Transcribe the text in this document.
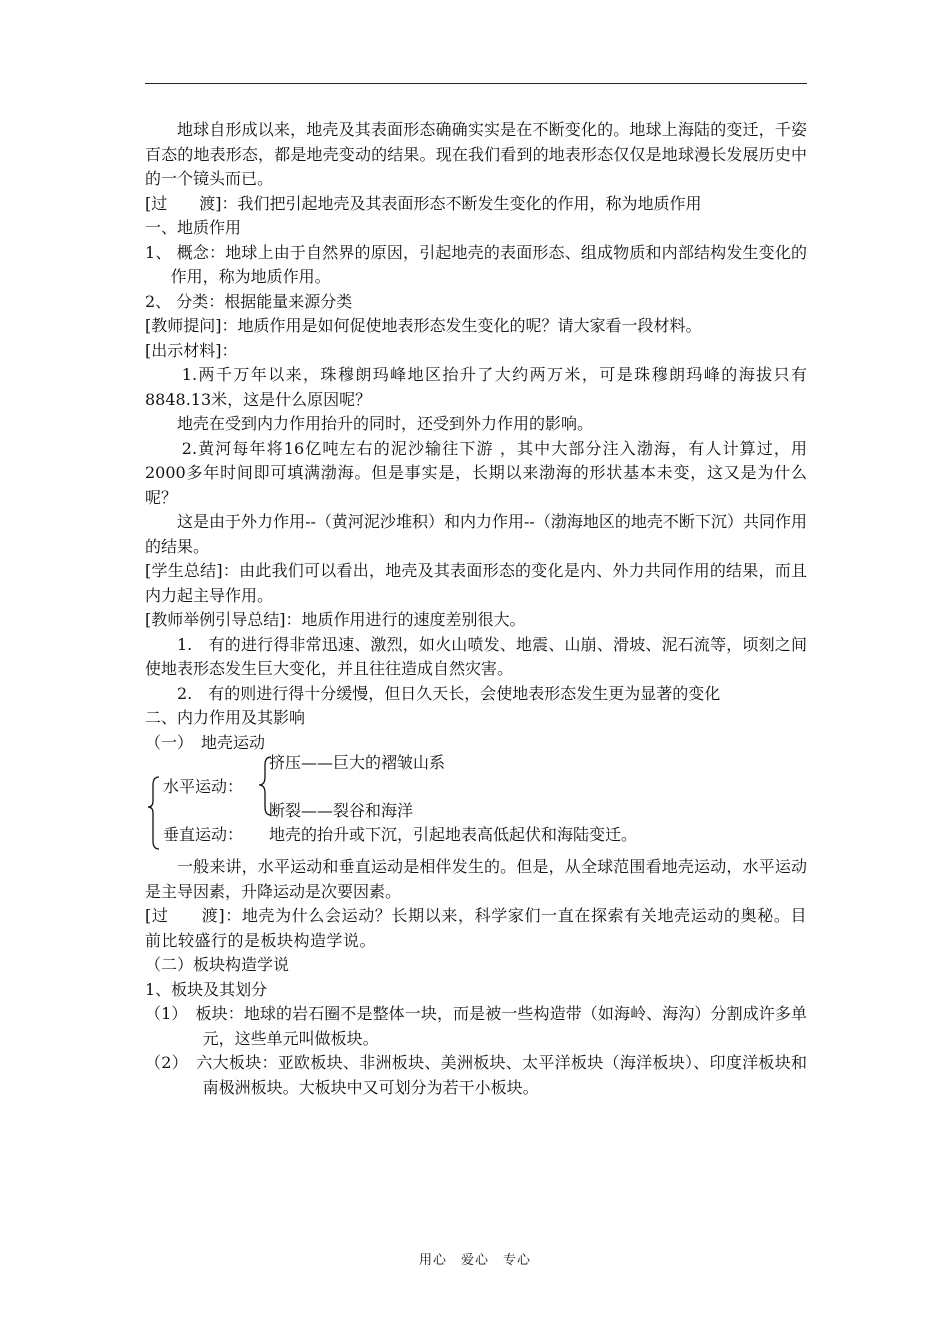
地球自形成以来，地壳及其表面形态确确实实是在不断变化的。地球上海陆的变迁，千姿百态的地表形态，都是地壳变动的结果。现在我们看到的地表形态仅仅是地球漫长发展历史中的一个镜头而已。

[过　　渡]：我们把引起地壳及其表面形态不断发生变化的作用，称为地质作用

一、地质作用

1、 概念：地球上由于自然界的原因，引起地壳的表面形态、组成物质和内部结构发生变化的作用，称为地质作用。

2、 分类：根据能量来源分类

[教师提问]：地质作用是如何促使地表形态发生变化的呢？请大家看一段材料。

[出示材料]：

1.两千万年以来，珠穆朗玛峰地区抬升了大约两万米，可是珠穆朗玛峰的海拔只有8848.13米，这是什么原因呢？

地壳在受到内力作用抬升的同时，还受到外力作用的影响。

2.黄河每年将16亿吨左右的泥沙输往下游 ，其中大部分注入渤海，有人计算过，用2000多年时间即可填满渤海。但是事实是，长期以来渤海的形状基本未变，这又是为什么呢？

这是由于外力作用--（黄河泥沙堆积）和内力作用--（渤海地区的地壳不断下沉）共同作用的结果。

[学生总结]：由此我们可以看出，地壳及其表面形态的变化是内、外力共同作用的结果，而且内力起主导作用。

[教师举例引导总结]：地质作用进行的速度差别很大。

1.　有的进行得非常迅速、激烈，如火山喷发、地震、山崩、滑坡、泥石流等，顷刻之间使地表形态发生巨大变化，并且往往造成自然灾害。

2.　有的则进行得十分缓慢，但日久天长，会使地表形态发生更为显著的变化

二、内力作用及其影响

（一）　地壳运动

水平运动：
挤压——巨大的褶皱山系
断裂——裂谷和海洋
垂直运动： 地壳的抬升或下沉，引起地表高低起伏和海陆变迁。

一般来讲，水平运动和垂直运动是相伴发生的。但是，从全球范围看地壳运动，水平运动是主导因素，升降运动是次要因素。

[过　　渡]：地壳为什么会运动？长期以来，科学家们一直在探索有关地壳运动的奥秘。目前比较盛行的是板块构造学说。

（二）板块构造学说

1、板块及其划分

（1）　板块：地球的岩石圈不是整体一块，而是被一些构造带（如海岭、海沟）分割成许多单元，这些单元叫做板块。

（2）　六大板块：亚欧板块、非洲板块、美洲板块、太平洋板块（海洋板块）、印度洋板块和南极洲板块。大板块中又可划分为若干小板块。

用心　爱心　专心
